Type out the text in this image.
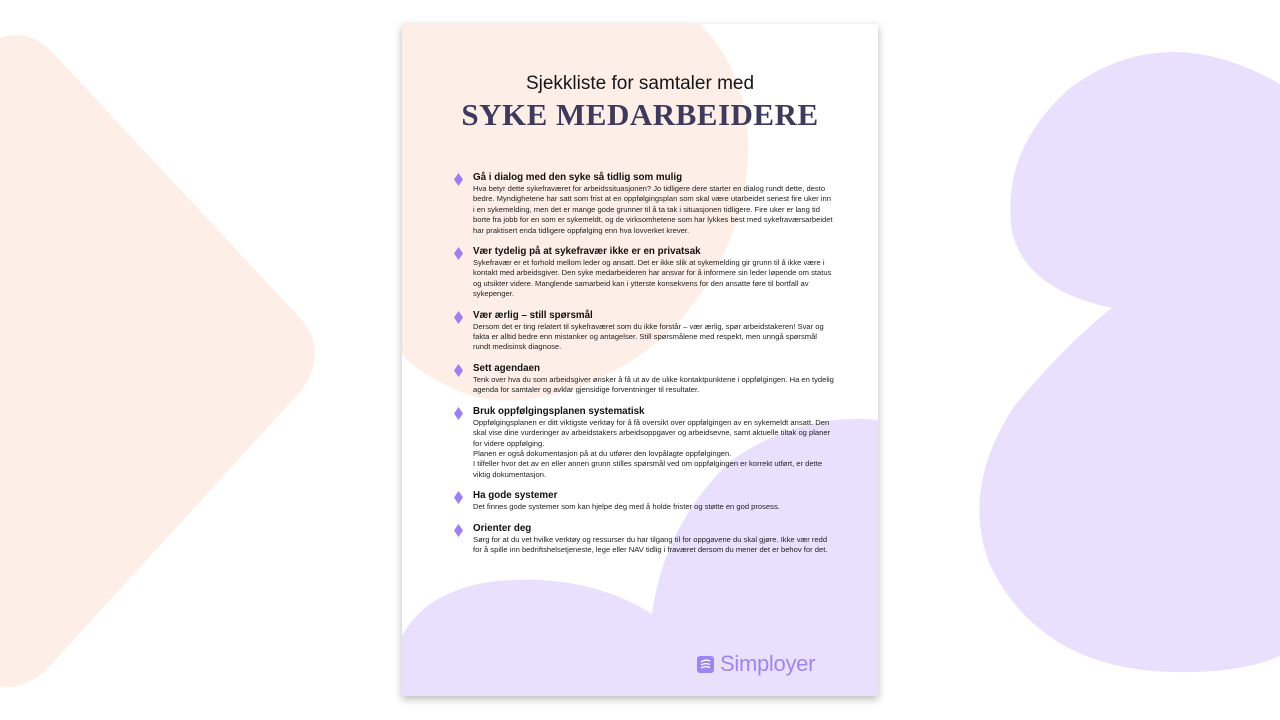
Sjekkliste for samtaler med
SYKE MEDARBEIDERE
Gå i dialog med den syke så tidlig som mulig
Hva betyr dette sykefraværet for arbeidssituasjonen? Jo tidligere dere starter en dialog rundt dette, desto bedre. Myndighetene har satt som frist at en oppfølgingsplan som skal være utarbeidet senest fire uker inn i en sykemelding, men det er mange gode grunner til å ta tak i situasjonen tidligere. Fire uker er lang tid borte fra jobb for en som er sykemeldt, og de virksomhetene som har lykkes best med sykefraværsarbeidet har praktisert enda tidligere oppfølging enn hva lovverket krever.
Vær tydelig på at sykefravær ikke er en privatsak
Sykefravær er et forhold mellom leder og ansatt. Det er ikke slik at sykemelding gir grunn til å ikke være i kontakt med arbeidsgiver. Den syke medarbeideren har ansvar for å informere sin leder løpende om status og utsikter videre. Manglende samarbeid kan i ytterste konsekvens for den ansatte føre til bortfall av sykepenger.
Vær ærlig – still spørsmål
Dersom det er ting relatert til sykefraværet som du ikke forstår – vær ærlig, spør arbeidstakeren! Svar og fakta er alltid bedre enn mistanker og antagelser. Still spørsmålene med respekt, men unngå spørsmål rundt medisinsk diagnose.
Sett agendaen
Tenk over hva du som arbeidsgiver ønsker å få ut av de ulike kontaktpunktene i oppfølgingen. Ha en tydelig agenda for samtaler og avklar gjensidige forventninger til resultater.
Bruk oppfølgingsplanen systematisk
Oppfølgingsplanen er ditt viktigste verktøy for å få oversikt over oppfølgingen av en sykemeldt ansatt. Den skal vise dine vurderinger av arbeidstakers arbeidsoppgaver og arbeidsevne, samt aktuelle tiltak og planer for videre oppfølging.
Planen er også dokumentasjon på at du utfører den lovpålagte oppfølgingen.
I tilfeller hvor det av en eller annen grunn stilles spørsmål ved om oppfølgingen er korrekt utført, er dette viktig dokumentasjon.
Ha gode systemer
Det finnes gode systemer som kan hjelpe deg med å holde frister og støtte en god prosess.
Orienter deg
Sørg for at du vet hvilke verktøy og ressurser du har tilgang til for oppgavene du skal gjøre. Ikke vær redd for å spille inn bedriftshelsetjeneste, lege eller NAV tidlig i fraværet dersom du mener det er behov for det.
Simployer
